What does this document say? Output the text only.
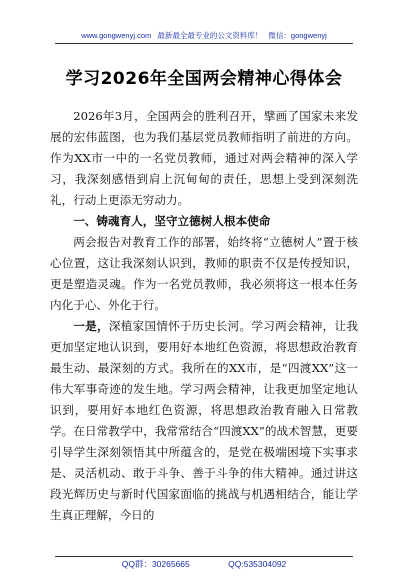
www.gongwenyj.com 最新最全最专业的公文资料库！ 微信：gongwenyj
学习2026年全国两会精神心得体会

2026年3月，全国两会的胜利召开，擘画了国家未来发展的宏伟蓝图，也为我们基层党员教师指明了前进的方向。作为XX市一中的一名党员教师，通过对两会精神的深入学习，我深刻感悟到肩上沉甸甸的责任，思想上受到深刻洗礼，行动上更添无穷动力。

一、铸魂育人，坚守立德树人根本使命

两会报告对教育工作的部署，始终将“立德树人”置于核心位置，这让我深刻认识到，教师的职责不仅是传授知识，更是塑造灵魂。作为一名党员教师，我必须将这一根本任务内化于心、外化于行。

一是，深植家国情怀于历史长河。学习两会精神，让我更加坚定地认识到，要用好本地红色资源，将思想政治教育最生动、最深刻的方式。我所在的XX市，是“四渡XX”这一伟大军事奇迹的发生地。学习两会精神，让我更加坚定地认识到，要用好本地红色资源，将思想政治教育融入日常教学。在日常教学中，我常常结合“四渡XX”的战术智慧，更要引导学生深刻领悟其中所蕴含的，是党在极端困境下实事求是、灵活机动、敢于斗争、善于斗争的伟大精神。通过讲这段光辉历史与新时代国家面临的挑战与机遇相结合，能让学生真正理解，今日的

QQ群：30265665	QQ:535304092
